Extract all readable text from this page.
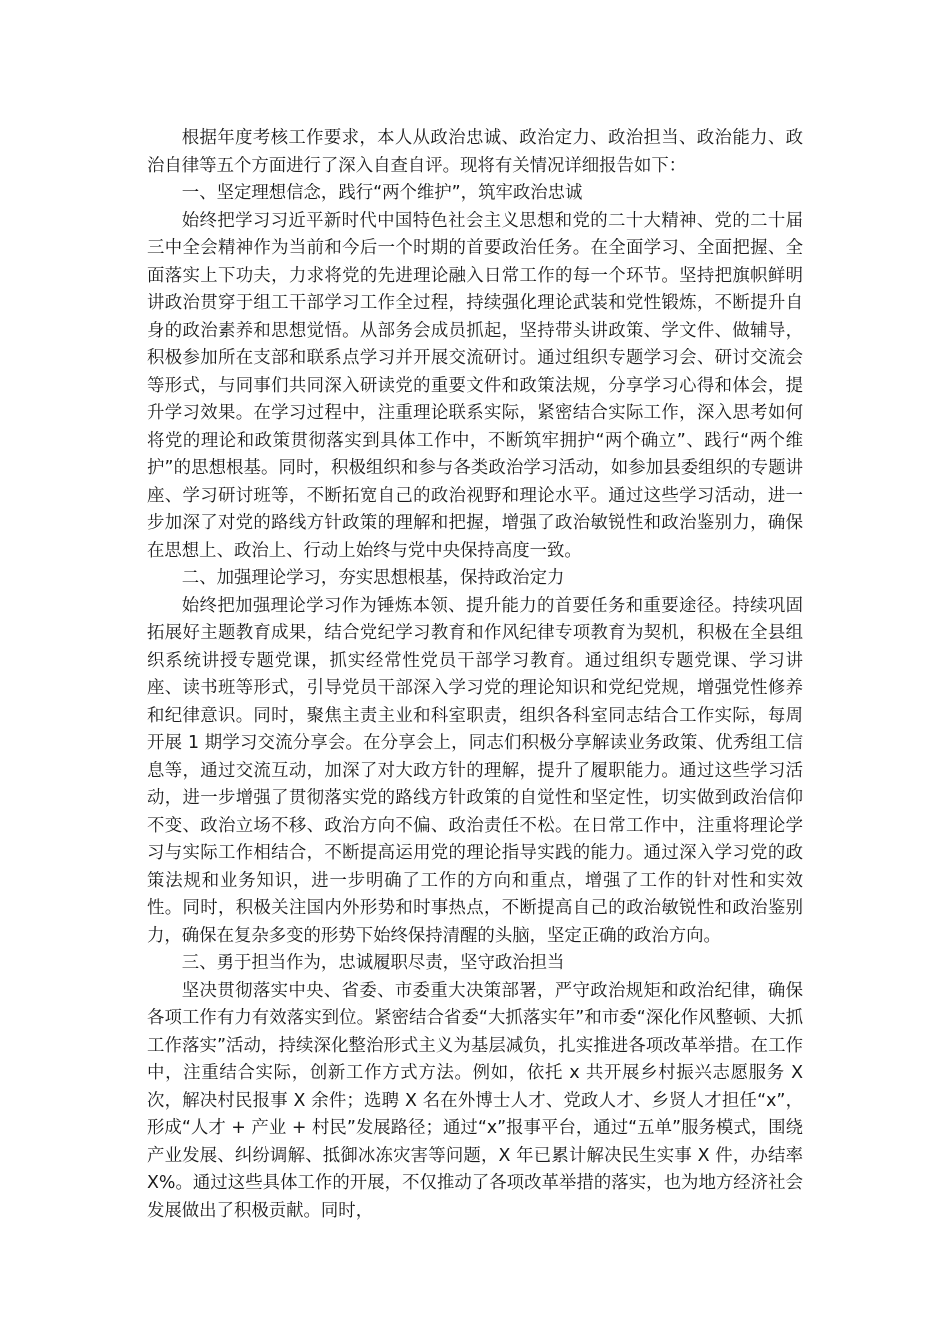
根据年度考核工作要求，本人从政治忠诚、政治定力、政治担当、政治能力、政治自律等五个方面进行了深入自查自评。现将有关情况详细报告如下：

一、坚定理想信念，践行“两个维护”，筑牢政治忠诚

始终把学习习近平新时代中国特色社会主义思想和党的二十大精神、党的二十届三中全会精神作为当前和今后一个时期的首要政治任务。在全面学习、全面把握、全面落实上下功夫，力求将党的先进理论融入日常工作的每一个环节。坚持把旗帜鲜明讲政治贯穿于组工干部学习工作全过程，持续强化理论武装和党性锻炼，不断提升自身的政治素养和思想觉悟。从部务会成员抓起，坚持带头讲政策、学文件、做辅导，积极参加所在支部和联系点学习并开展交流研讨。通过组织专题学习会、研讨交流会等形式，与同事们共同深入研读党的重要文件和政策法规，分享学习心得和体会，提升学习效果。在学习过程中，注重理论联系实际，紧密结合实际工作，深入思考如何将党的理论和政策贯彻落实到具体工作中，不断筑牢拥护“两个确立”、践行“两个维护”的思想根基。同时，积极组织和参与各类政治学习活动，如参加县委组织的专题讲座、学习研讨班等，不断拓宽自己的政治视野和理论水平。通过这些学习活动，进一步加深了对党的路线方针政策的理解和把握，增强了政治敏锐性和政治鉴别力，确保在思想上、政治上、行动上始终与党中央保持高度一致。

二、加强理论学习，夯实思想根基，保持政治定力

始终把加强理论学习作为锤炼本领、提升能力的首要任务和重要途径。持续巩固拓展好主题教育成果，结合党纪学习教育和作风纪律专项教育为契机，积极在全县组织系统讲授专题党课，抓实经常性党员干部学习教育。通过组织专题党课、学习讲座、读书班等形式，引导党员干部深入学习党的理论知识和党纪党规，增强党性修养和纪律意识。同时，聚焦主责主业和科室职责，组织各科室同志结合工作实际，每周开展 1 期学习交流分享会。在分享会上，同志们积极分享解读业务政策、优秀组工信息等，通过交流互动，加深了对大政方针的理解，提升了履职能力。通过这些学习活动，进一步增强了贯彻落实党的路线方针政策的自觉性和坚定性，切实做到政治信仰不变、政治立场不移、政治方向不偏、政治责任不松。在日常工作中，注重将理论学习与实际工作相结合，不断提高运用党的理论指导实践的能力。通过深入学习党的政策法规和业务知识，进一步明确了工作的方向和重点，增强了工作的针对性和实效性。同时，积极关注国内外形势和时事热点，不断提高自己的政治敏锐性和政治鉴别力，确保在复杂多变的形势下始终保持清醒的头脑，坚定正确的政治方向。

三、勇于担当作为，忠诚履职尽责，坚守政治担当

坚决贯彻落实中央、省委、市委重大决策部署，严守政治规矩和政治纪律，确保各项工作有力有效落实到位。紧密结合省委“大抓落实年”和市委“深化作风整顿、大抓工作落实”活动，持续深化整治形式主义为基层减负，扎实推进各项改革举措。在工作中，注重结合实际，创新工作方式方法。例如，依托 x 共开展乡村振兴志愿服务 X 次，解决村民报事 X 余件；选聘 X 名在外博士人才、党政人才、乡贤人才担任“x”，形成“人才 + 产业 + 村民”发展路径；通过“x”报事平台，通过“五单”服务模式，围绕产业发展、纠纷调解、抵御冰冻灾害等问题，X 年已累计解决民生实事 X 件，办结率 X%。通过这些具体工作的开展，不仅推动了各项改革举措的落实，也为地方经济社会发展做出了积极贡献。同时，
